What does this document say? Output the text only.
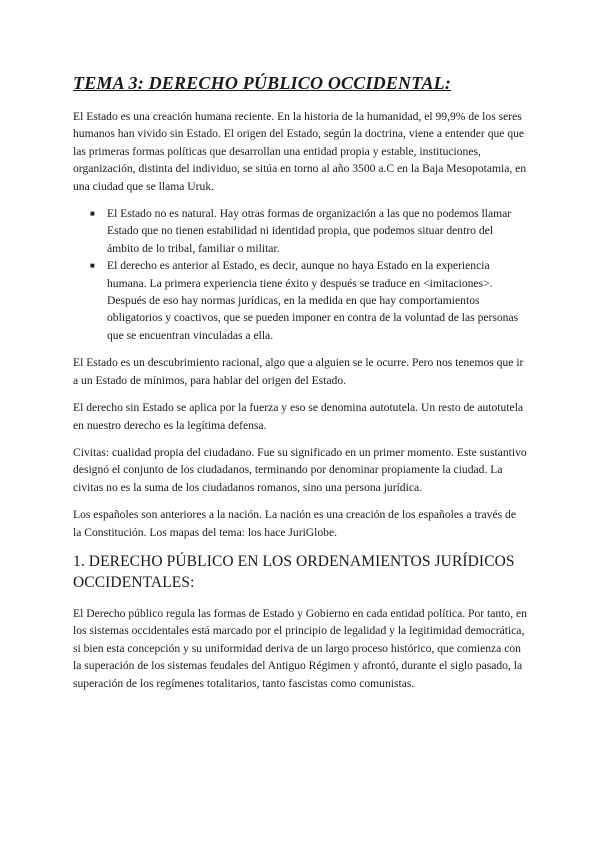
TEMA 3: DERECHO PÚBLICO OCCIDENTAL:

El Estado es una creación humana reciente. En la historia de la humanidad, el 99,9% de los seres humanos han vivido sin Estado. El origen del Estado, según la doctrina, viene a entender que que las primeras formas políticas que desarrollan una entidad propia y estable, instituciones, organización, distinta del individuo, se sitúa en torno al año 3500 a.C en la Baja Mesopotamia, en una ciudad que se llama Uruk.

■ El Estado no es natural. Hay otras formas de organización a las que no podemos llamar Estado que no tienen estabilidad ni identidad propia, que podemos situar dentro del ámbito de lo tribal, familiar o militar.
■ El derecho es anterior al Estado, es decir, aunque no haya Estado en la experiencia humana. La primera experiencia tiene éxito y después se traduce en <imitaciones>. Después de eso hay normas jurídicas, en la medida en que hay comportamientos obligatorios y coactivos, que se pueden imponer en contra de la voluntad de las personas que se encuentran vinculadas a ella.

El Estado es un descubrimiento racional, algo que a alguien se le ocurre. Pero nos tenemos que ir a un Estado de mínimos, para hablar del origen del Estado.

El derecho sin Estado se aplica por la fuerza y eso se denomina autotutela. Un resto de autotutela en nuestro derecho es la legítima defensa.

Civitas: cualidad propia del ciudadano. Fue su significado en un primer momento. Este sustantivo designó el conjunto de los ciudadanos, terminando por denominar propiamente la ciudad. La civitas no es la suma de los ciudadanos romanos, sino una persona jurídica.

Los españoles son anteriores a la nación. La nación es una creación de los españoles a través de la Constitución. Los mapas del tema: los hace JuriGlobe.

1. DERECHO PÚBLICO EN LOS ORDENAMIENTOS JURÍDICOS OCCIDENTALES:

El Derecho público regula las formas de Estado y Gobierno en cada entidad política. Por tanto, en los sistemas occidentales está marcado por el principio de legalidad y la legitimidad democrática, si bien esta concepción y su uniformidad deriva de un largo proceso histórico, que comienza con la superación de los sistemas feudales del Antiguo Régimen y afrontó, durante el siglo pasado, la superación de los regímenes totalitarios, tanto fascistas como comunistas.
